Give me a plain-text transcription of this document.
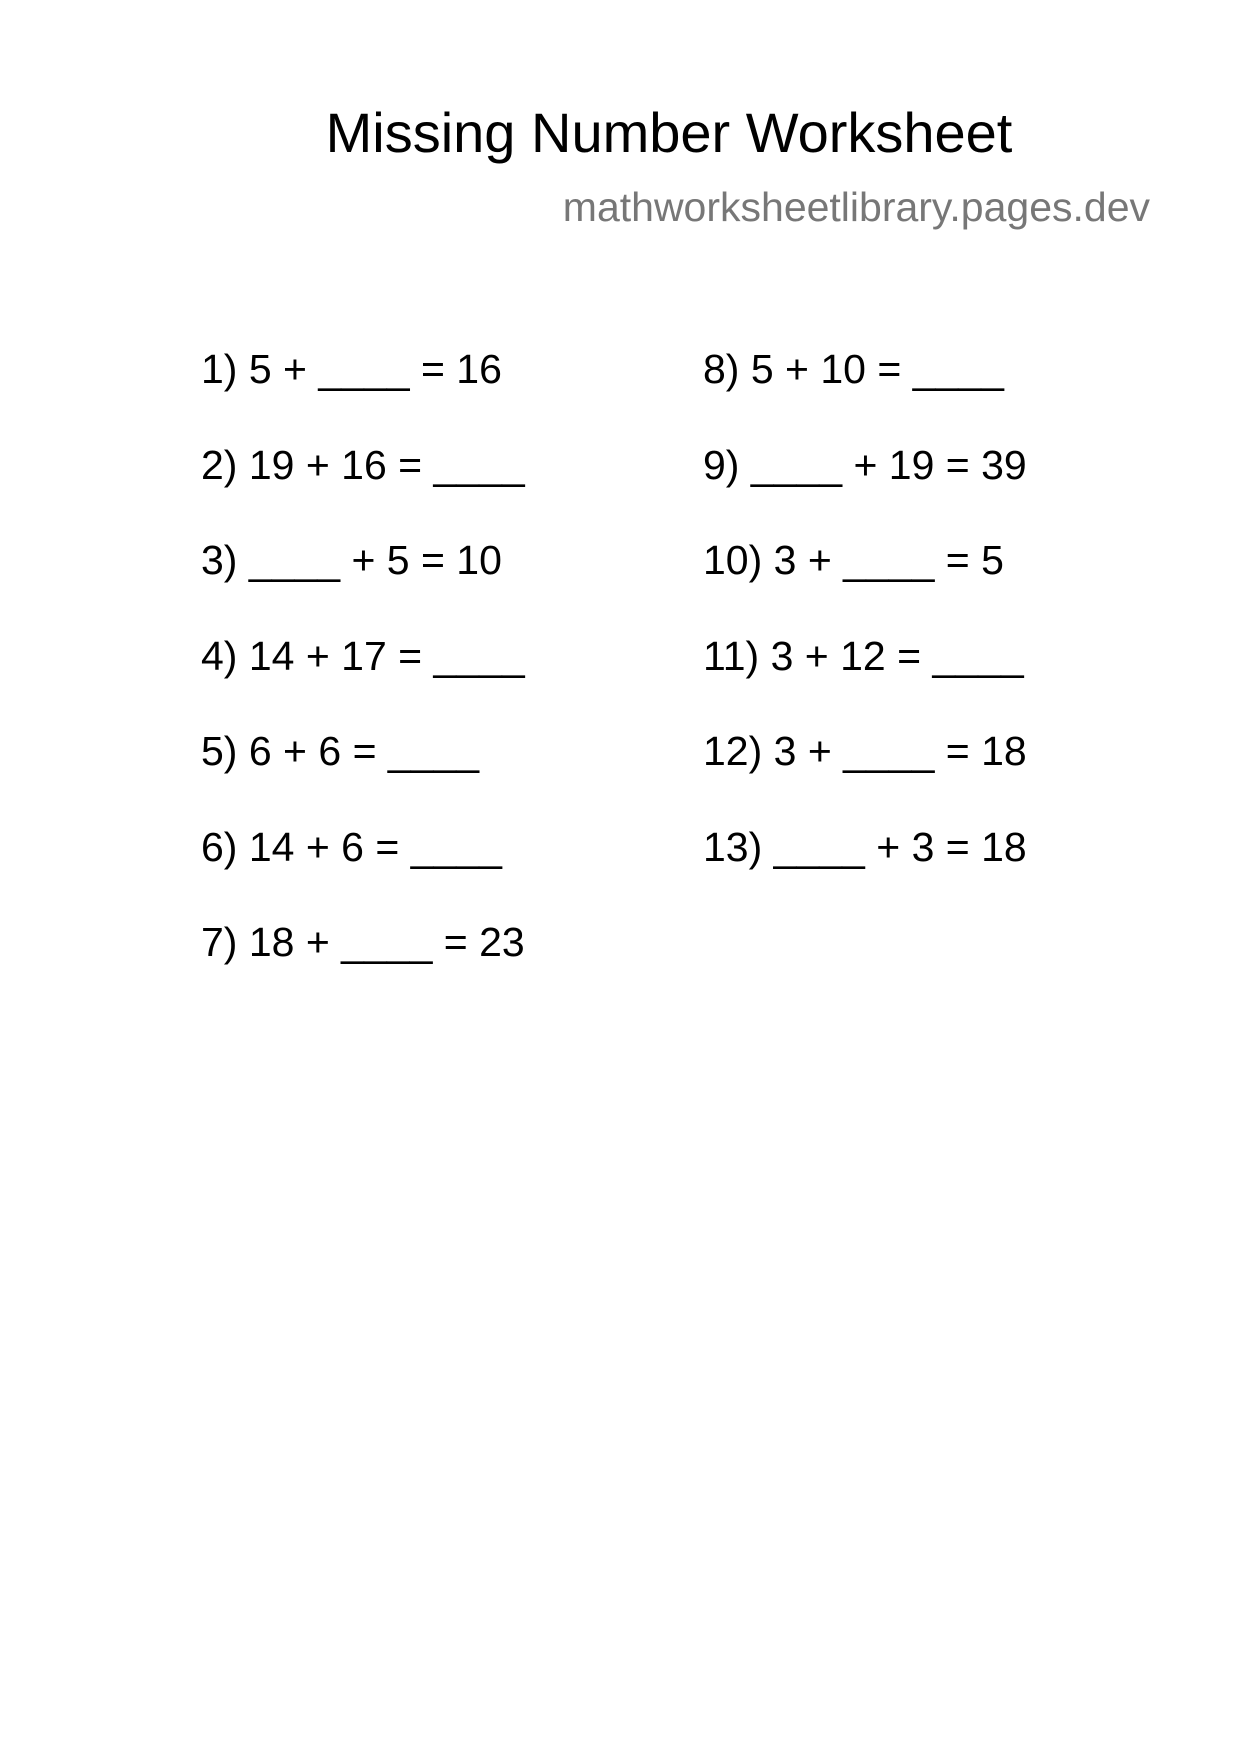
Missing Number Worksheet
mathworksheetlibrary.pages.dev
1) 5 + ____ = 16
2) 19 + 16 = ____
3) ____ + 5 = 10
4) 14 + 17 = ____
5) 6 + 6 = ____
6) 14 + 6 = ____
7) 18 + ____ = 23
8) 5 + 10 = ____
9) ____ + 19 = 39
10) 3 + ____ = 5
11) 3 + 12 = ____
12) 3 + ____ = 18
13) ____ + 3 = 18
